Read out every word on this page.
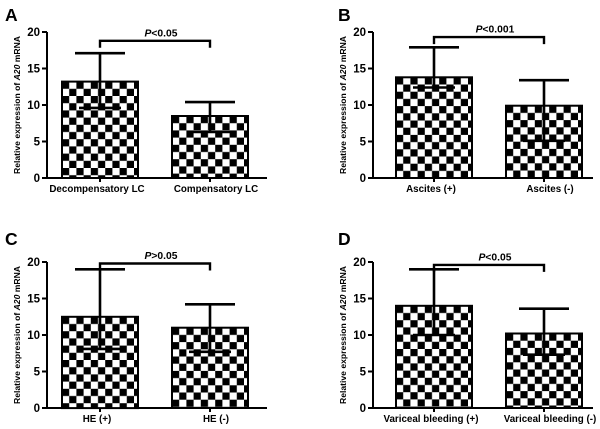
A
Relative expression of A20 mRNA
0
5
10
15
20	P<0.05
Decompensatory LC	Compensatory LC
B
Relative expression of A20 mRNA
0
5
10
15
20	P<0.001
Ascites (+)	Ascites (-)
C
Relative expression of A20 mRNA
0
5
10
15
20
P>0.05
HE (+)	HE (-)
D
Relative expression of A20 mRNA
0
5
10
15
20	P<0.05
Variceal bleeding (+)	Variceal bleeding (-)
